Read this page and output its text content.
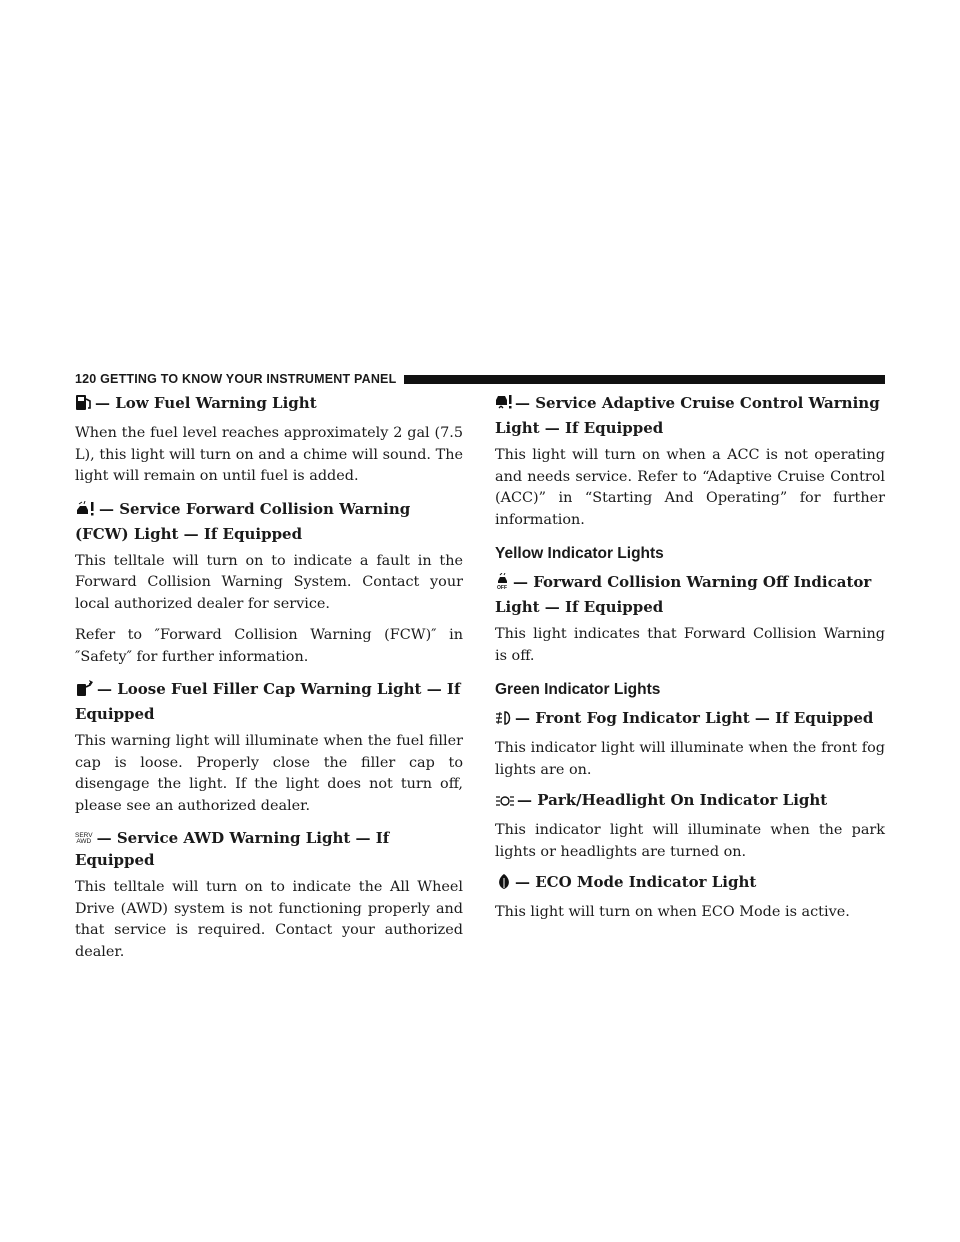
120 GETTING TO KNOW YOUR INSTRUMENT PANEL

— Low Fuel Warning Light

When the fuel level reaches approximately 2 gal (7.5 L), this light will turn on and a chime will sound. The light will remain on until fuel is added.

— Service Forward Collision Warning (FCW) Light — If Equipped

This telltale will turn on to indicate a fault in the Forward Collision Warning System. Contact your local authorized dealer for service.

Refer to ″Forward Collision Warning (FCW)″ in ″Safety″ for further information.

— Loose Fuel Filler Cap Warning Light — If Equipped

This warning light will illuminate when the fuel filler cap is loose. Properly close the filler cap to disengage the light. If the light does not turn off, please see an authorized dealer.

SERV
AWD — Service AWD Warning Light — If Equipped

This telltale will turn on to indicate the All Wheel Drive (AWD) system is not functioning properly and that service is required. Contact your authorized dealer.

— Service Adaptive Cruise Control Warning Light — If Equipped

This light will turn on when a ACC is not operating and needs service. Refer to “Adaptive Cruise Control (ACC)” in “Starting And Operating” for further information.

Yellow Indicator Lights

OFF — Forward Collision Warning Off Indicator Light — If Equipped

This light indicates that Forward Collision Warning is off.

Green Indicator Lights

— Front Fog Indicator Light — If Equipped

This indicator light will illuminate when the front fog lights are on.

— Park/Headlight On Indicator Light

This indicator light will illuminate when the park lights or headlights are turned on.

— ECO Mode Indicator Light

This light will turn on when ECO Mode is active.
